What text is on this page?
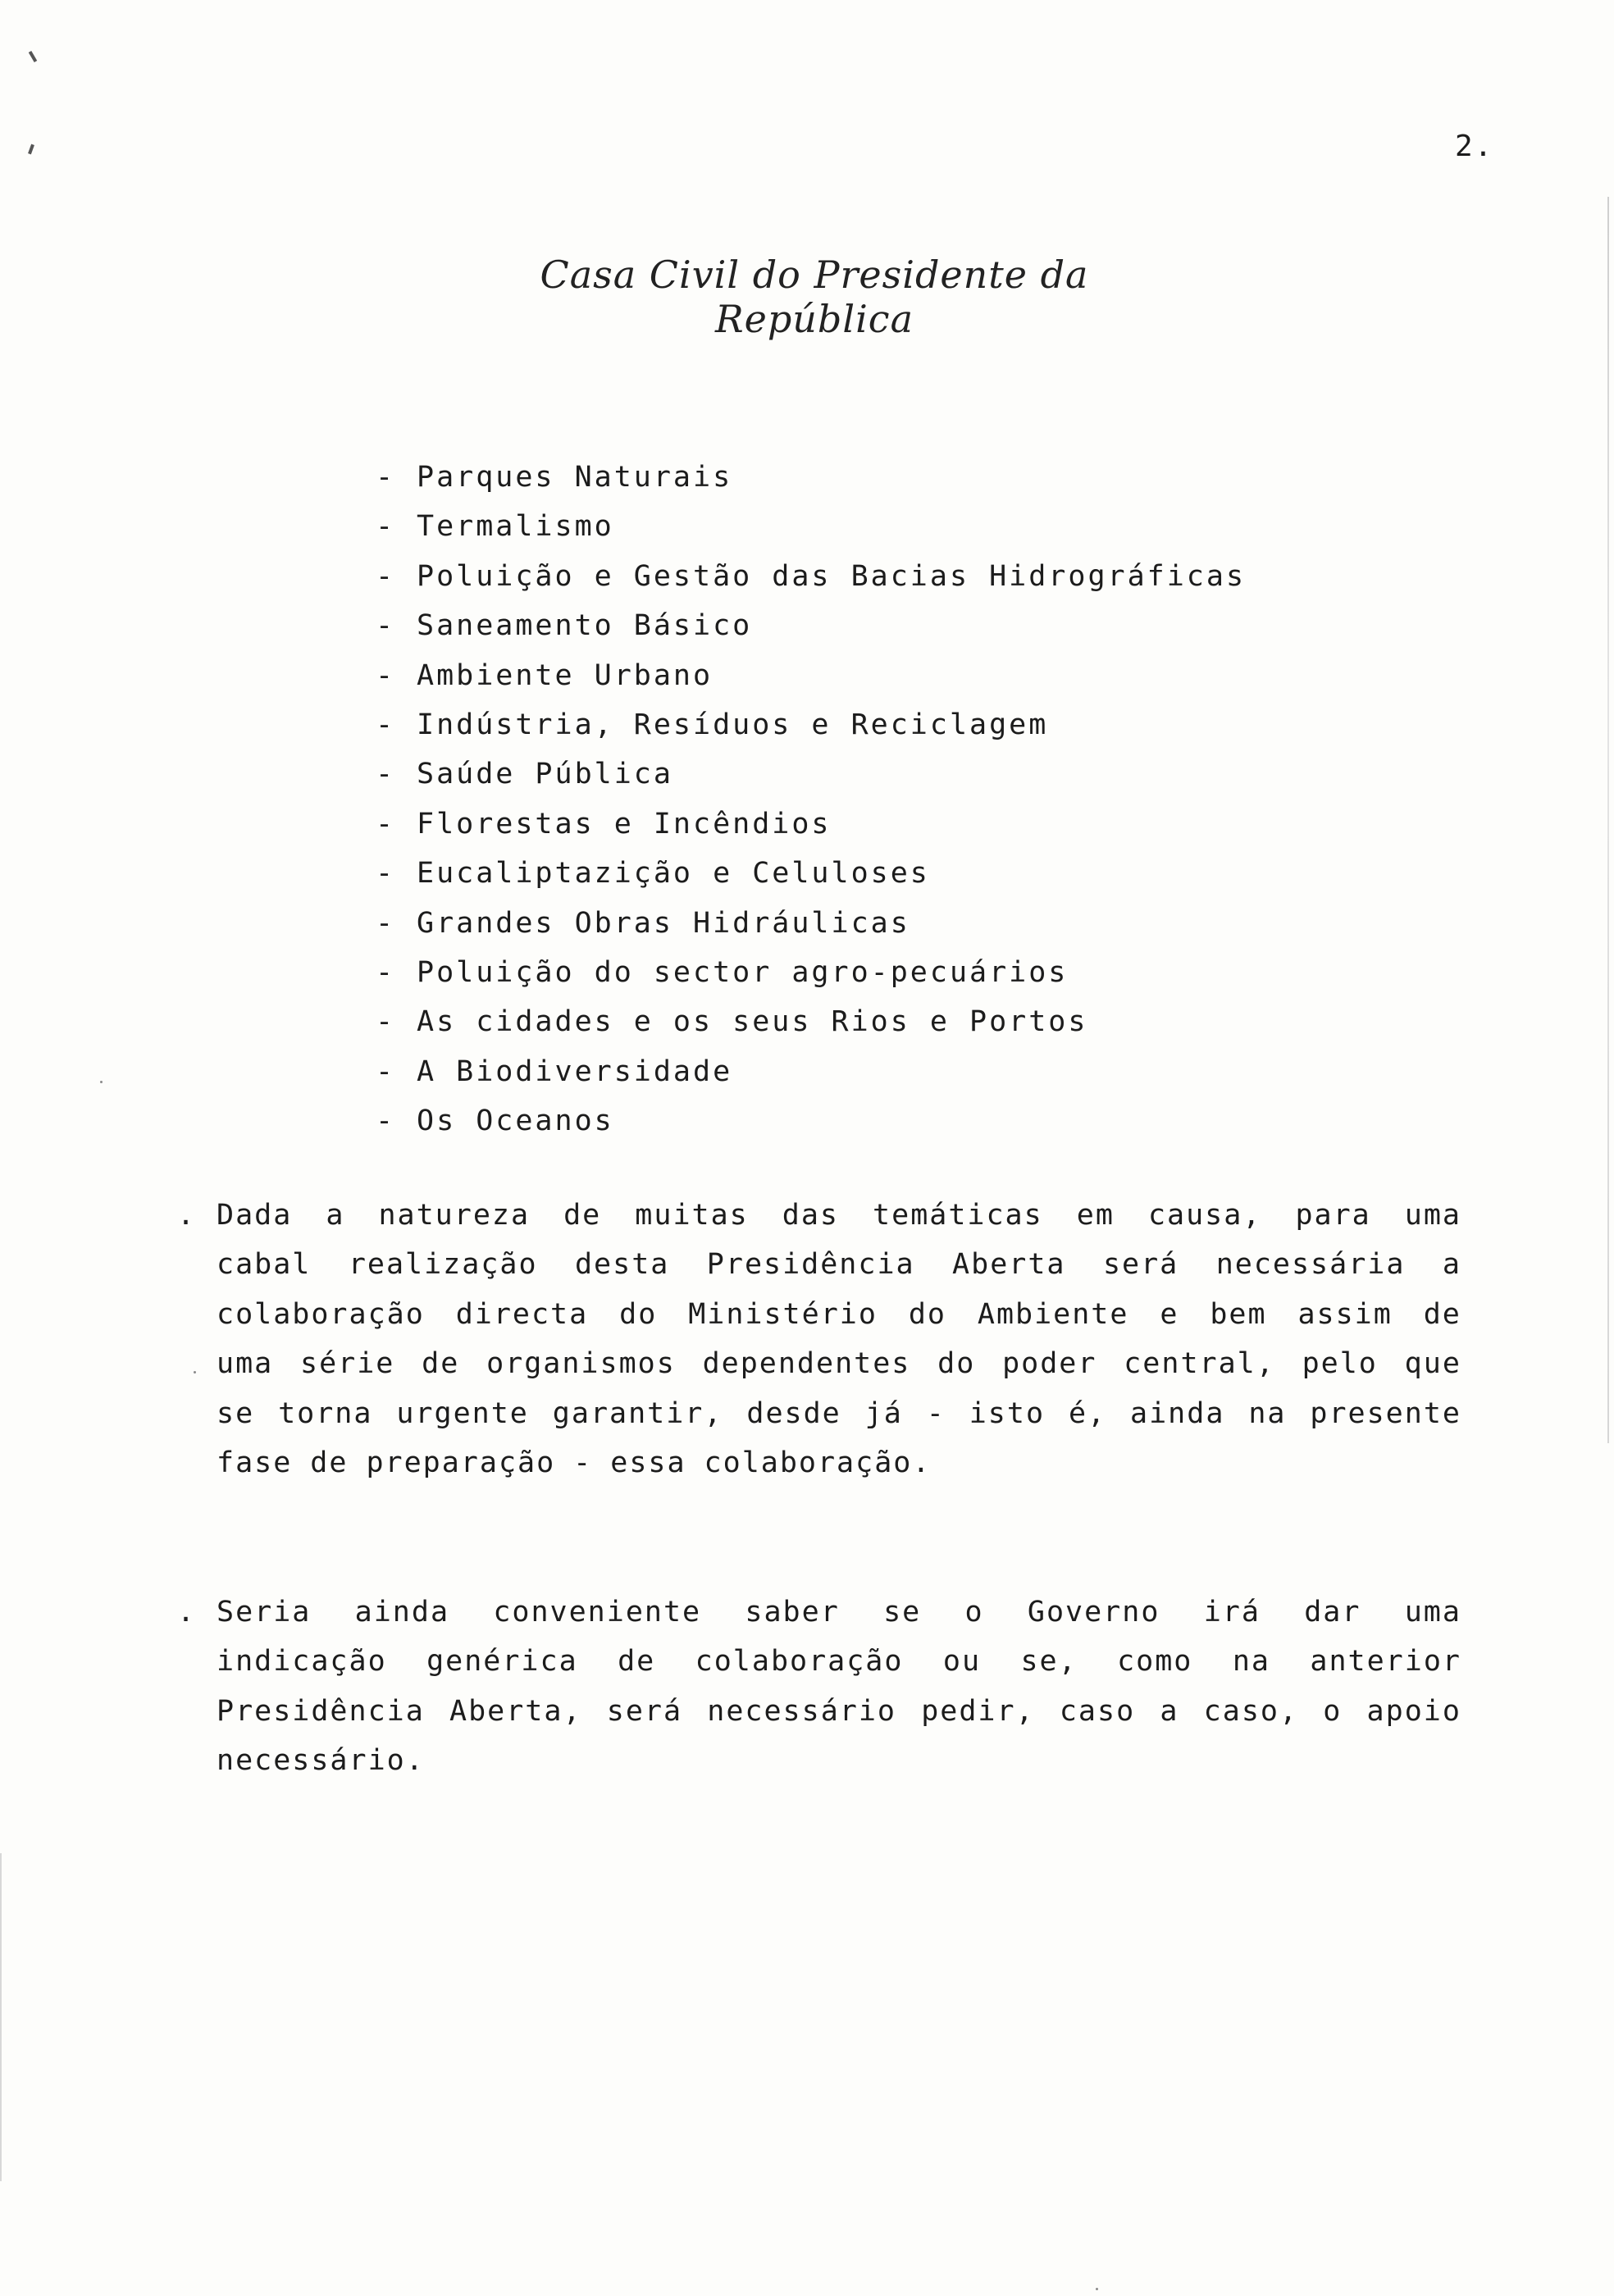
2.
Casa Civil do Presidente da República
- Parques Naturais
- Termalismo
- Poluição e Gestão das Bacias Hidrográficas
- Saneamento Básico
- Ambiente Urbano
- Indústria, Resíduos e Reciclagem
- Saúde Pública
- Florestas e Incêndios
- Eucaliptazição e Celuloses
- Grandes Obras Hidráulicas
- Poluição do sector agro-pecuários
- As cidades e os seus Rios e Portos
- A Biodiversidade
- Os Oceanos
. Dada a natureza de muitas das temáticas em causa, para uma
cabal realização desta Presidência Aberta será necessária a
colaboração directa do Ministério do Ambiente e bem assim de
uma série de organismos dependentes do poder central, pelo que
se torna urgente garantir, desde já - isto é, ainda na presente
fase de preparação - essa colaboração.
. Seria ainda conveniente saber se o Governo irá dar uma
indicação genérica de colaboração ou se, como na anterior
Presidência Aberta, será necessário pedir, caso a caso, o apoio
necessário.
